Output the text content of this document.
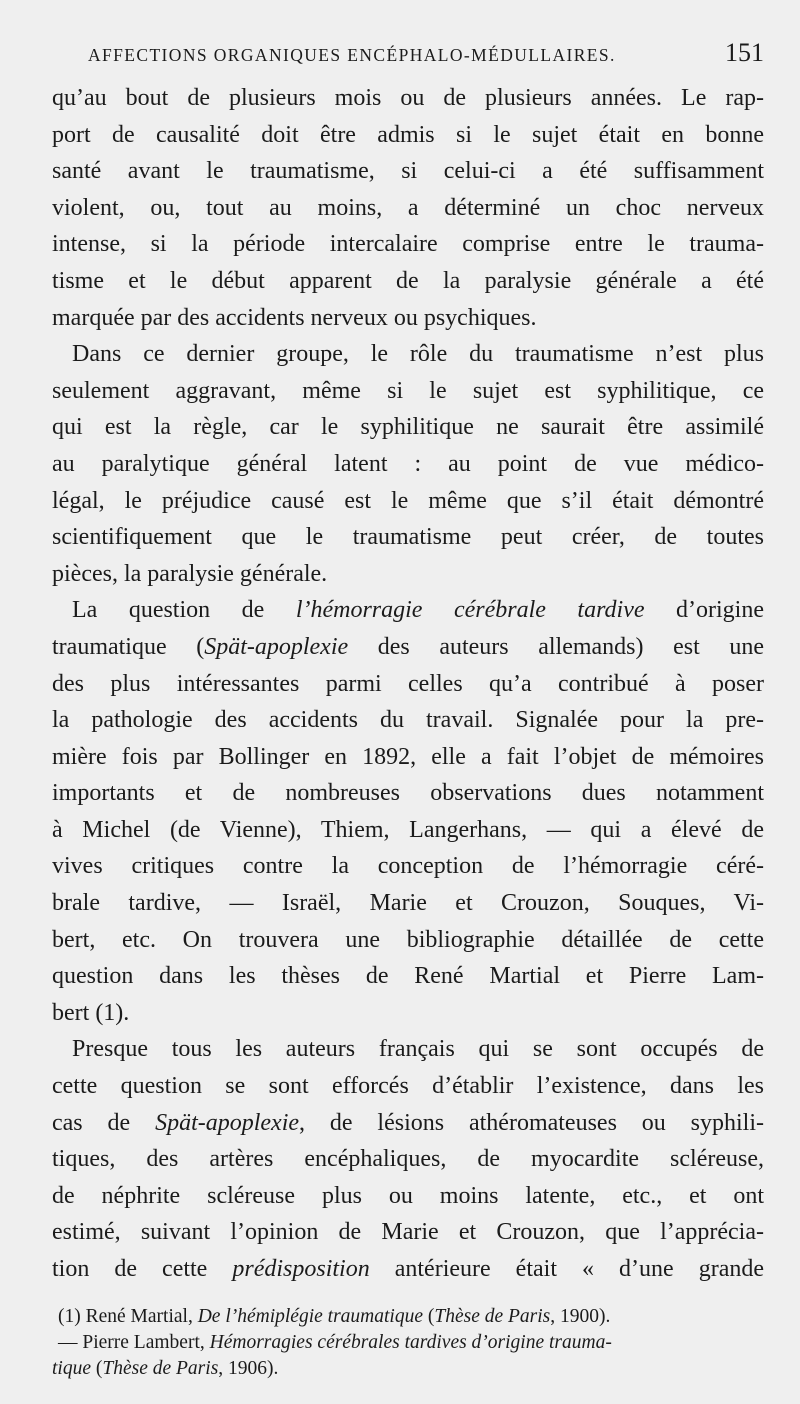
AFFECTIONS ORGANIQUES ENCÉPHALO-MÉDULLAIRES.	151
qu’au bout de plusieurs mois ou de plusieurs années. Le rap-
port de causalité doit être admis si le sujet était en bonne
santé avant le traumatisme, si celui-ci a été suffisamment
violent, ou, tout au moins, a déterminé un choc nerveux
intense, si la période intercalaire comprise entre le trauma-
tisme et le début apparent de la paralysie générale a été
marquée par des accidents nerveux ou psychiques.
Dans ce dernier groupe, le rôle du traumatisme n’est plus
seulement aggravant, même si le sujet est syphilitique, ce
qui est la règle, car le syphilitique ne saurait être assimilé
au paralytique général latent : au point de vue médico-
légal, le préjudice causé est le même que s’il était démontré
scientifiquement que le traumatisme peut créer, de toutes
pièces, la paralysie générale.
La question de l’hémorragie cérébrale tardive d’origine
traumatique (Spät-apoplexie des auteurs allemands) est une
des plus intéressantes parmi celles qu’a contribué à poser
la pathologie des accidents du travail. Signalée pour la pre-
mière fois par Bollinger en 1892, elle a fait l’objet de mémoires
importants et de nombreuses observations dues notamment
à Michel (de Vienne), Thiem, Langerhans, — qui a élevé de
vives critiques contre la conception de l’hémorragie céré-
brale tardive, — Israël, Marie et Crouzon, Souques, Vi-
bert, etc. On trouvera une bibliographie détaillée de cette
question dans les thèses de René Martial et Pierre Lam-
bert (1).
Presque tous les auteurs français qui se sont occupés de
cette question se sont efforcés d’établir l’existence, dans les
cas de Spät-apoplexie, de lésions athéromateuses ou syphili-
tiques, des artères encéphaliques, de myocardite scléreuse,
de néphrite scléreuse plus ou moins latente, etc., et ont
estimé, suivant l’opinion de Marie et Crouzon, que l’apprécia-
tion de cette prédisposition antérieure était « d’une grande
(1) René Martial, De l’hémiplégie traumatique (Thèse de Paris, 1900).
— Pierre Lambert, Hémorragies cérébrales tardives d’origine trauma-
tique (Thèse de Paris, 1906).
